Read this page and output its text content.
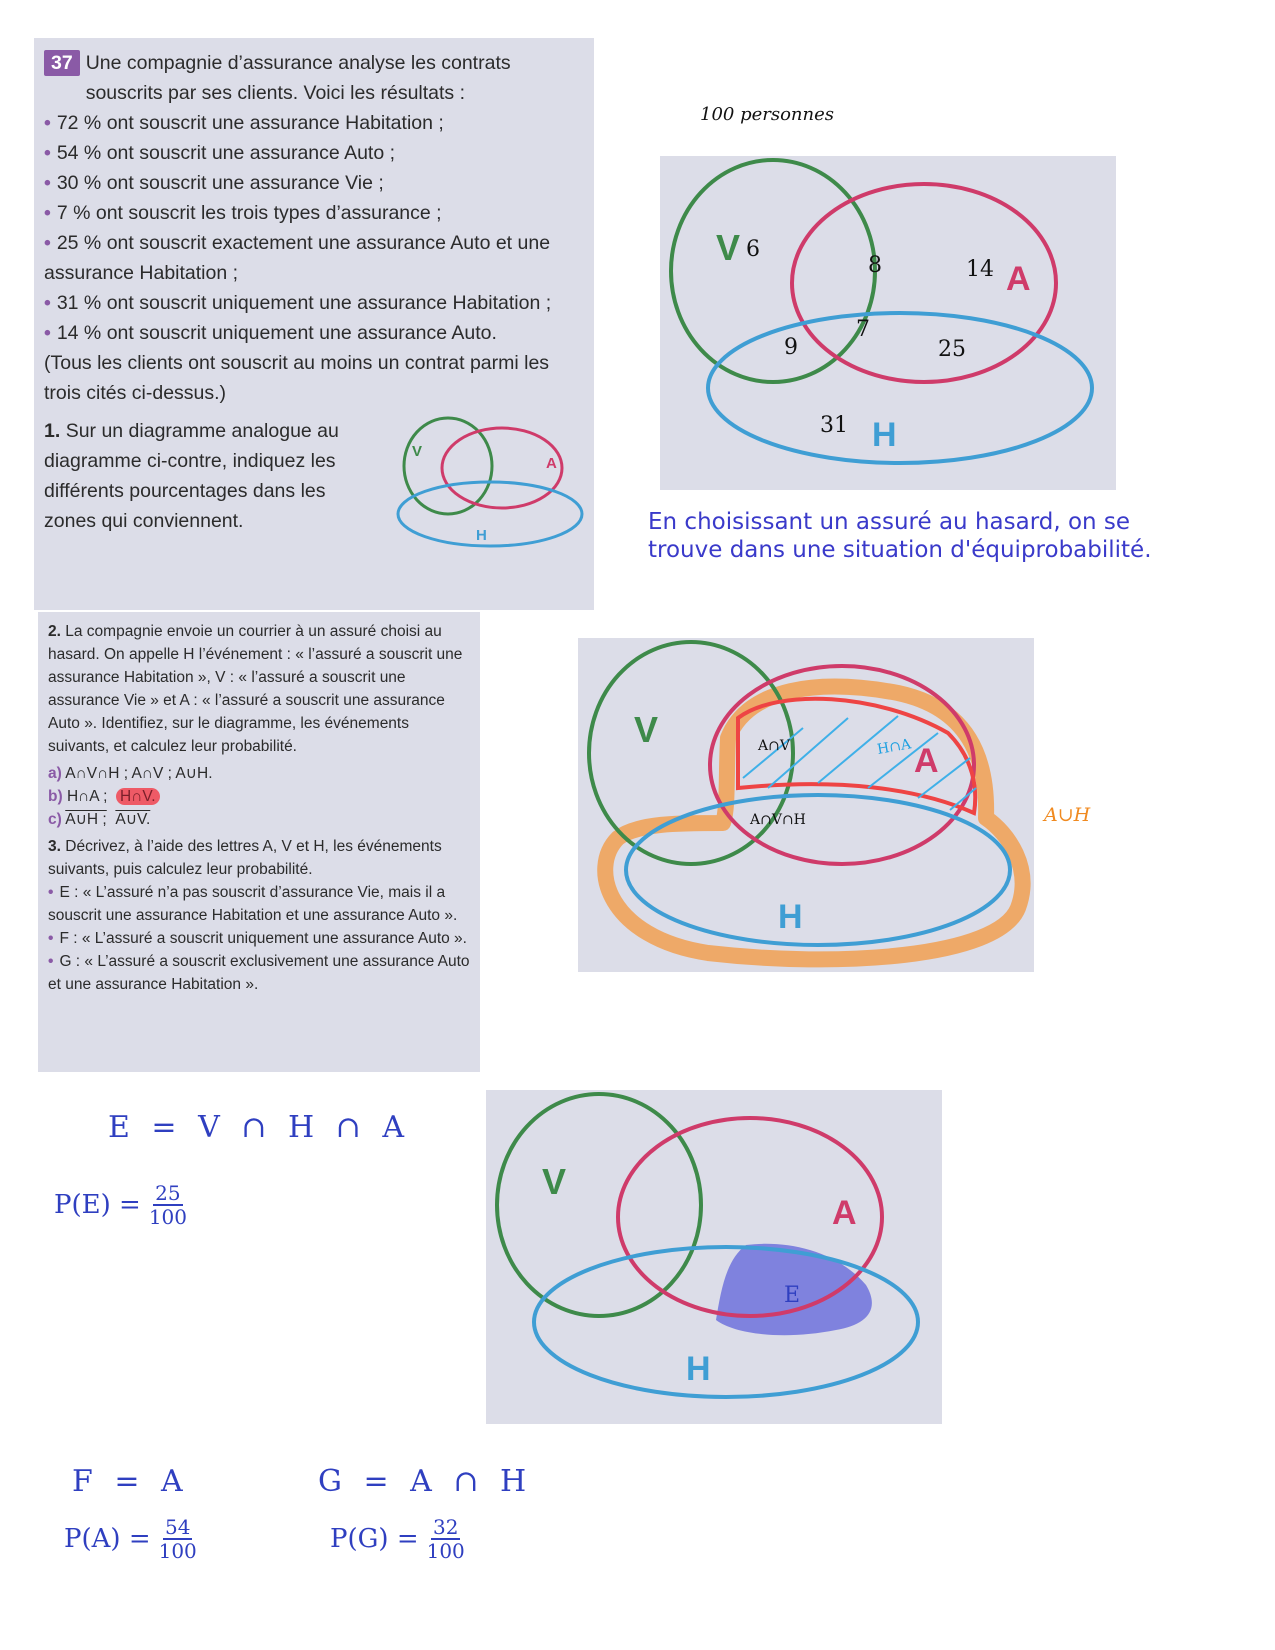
37 Une compagnie d’assurance analyse les contrats souscrits par ses clients. Voici les résultats :
• 72 % ont souscrit une assurance Habitation ;
• 54 % ont souscrit une assurance Auto ;
• 30 % ont souscrit une assurance Vie ;
• 7 % ont souscrit les trois types d’assurance ;
• 25 % ont souscrit exactement une assurance Auto et une assurance Habitation ;
• 31 % ont souscrit uniquement une assurance Habitation ;
• 14 % ont souscrit uniquement une assurance Auto.
(Tous les clients ont souscrit au moins un contrat parmi les trois cités ci-dessus.)
1. Sur un diagramme analogue au diagramme ci-contre, indiquez les différents pourcentages dans les zones qui conviennent.
V
A
H
2. La compagnie envoie un courrier à un assuré choisi au hasard. On appelle H l’événement : « l’assuré a souscrit une assurance Habitation », V : « l’assuré a souscrit une assurance Vie » et A : « l’assuré a souscrit une assurance Auto ». Identifiez, sur le diagramme, les événements suivants, et calculez leur probabilité.
a) A∩V∩H ; A∩V ; A∪H.
b) H∩A ; H∩V.
c) A∪H ; A∪V.
3. Décrivez, à l’aide des lettres A, V et H, les événements suivants, puis calculez leur probabilité.
• E : « L’assuré n’a pas souscrit d’assurance Vie, mais il a souscrit une assurance Habitation et une assurance Auto ».
• F : « L’assuré a souscrit uniquement une assurance Auto ».
• G : « L’assuré a souscrit exclusivement une assurance Auto et une assurance Habitation ».
100 personnes
V
A
H
6
8	14
9
7
25
31
En choisissant un assuré au hasard, on se trouve dans une situation d'équiprobabilité.
V
A
H
A∩V
A∩V∩H
H∩A
A∪H
E = V ∩ H ∩ A
$P(E) = \frac{25}{100}$
V
A
H
E
F = A
$P(A) = \frac{54}{100}$
G = A ∩ H
$P(G) = \frac{32}{100}$
